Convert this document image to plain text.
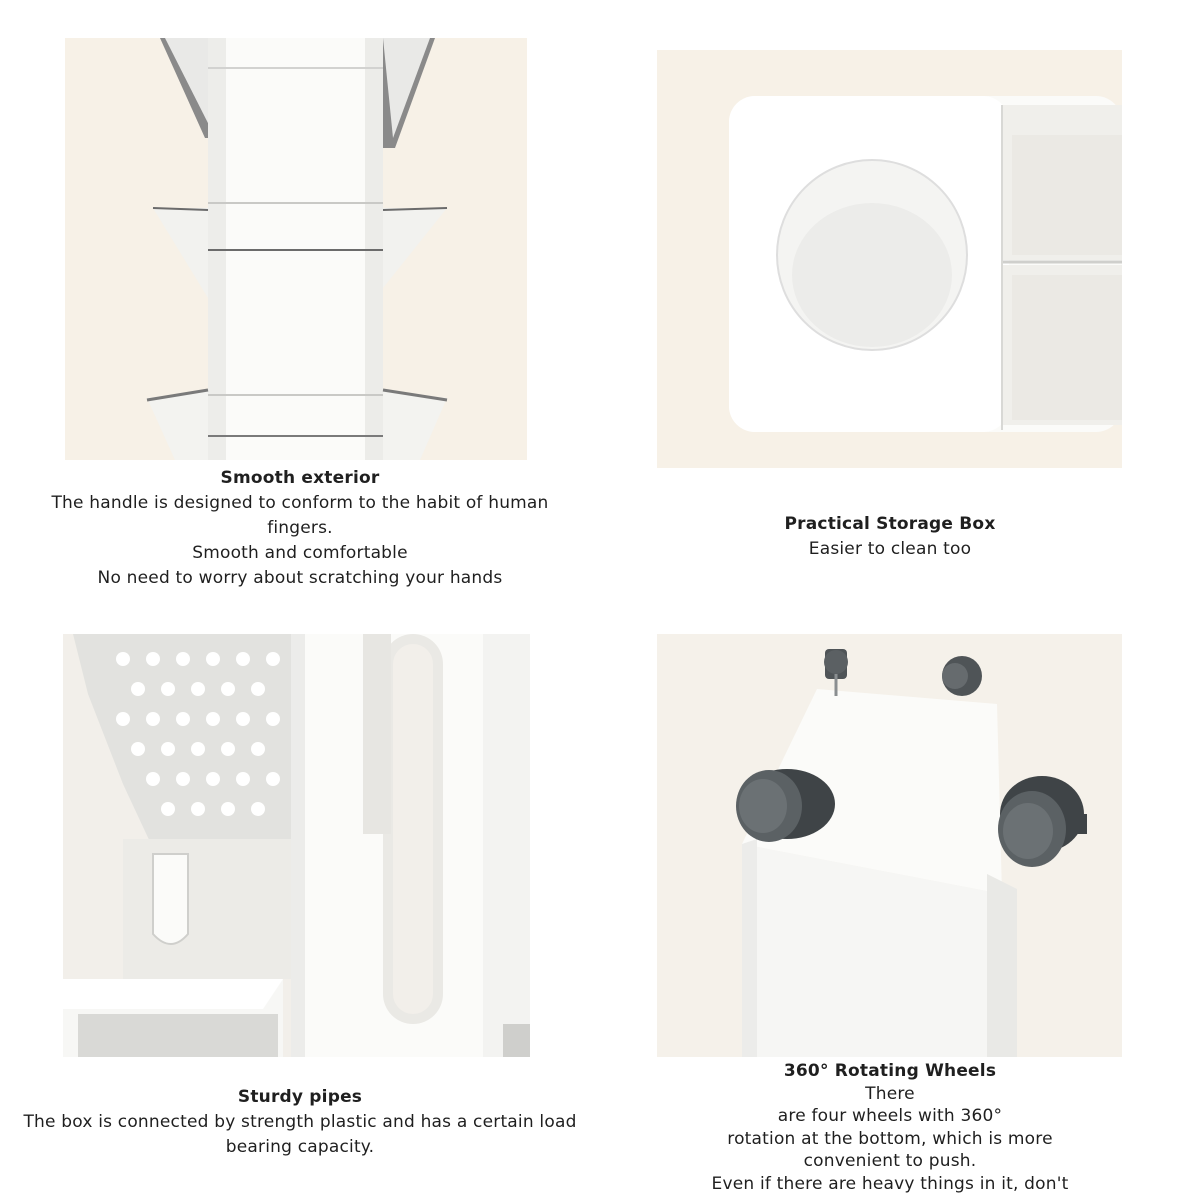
Smooth exterior
The handle is designed to conform to the habit of human
fingers.
Smooth and comfortable
No need to worry about scratching your hands
Practical Storage Box
Easier to clean too
Sturdy pipes
The box is connected by strength plastic and has a certain load
bearing capacity.
360° Rotating Wheels
There
are four wheels with 360°
rotation at the bottom, which is more
convenient to push.
Even if there are heavy things in it, don't
